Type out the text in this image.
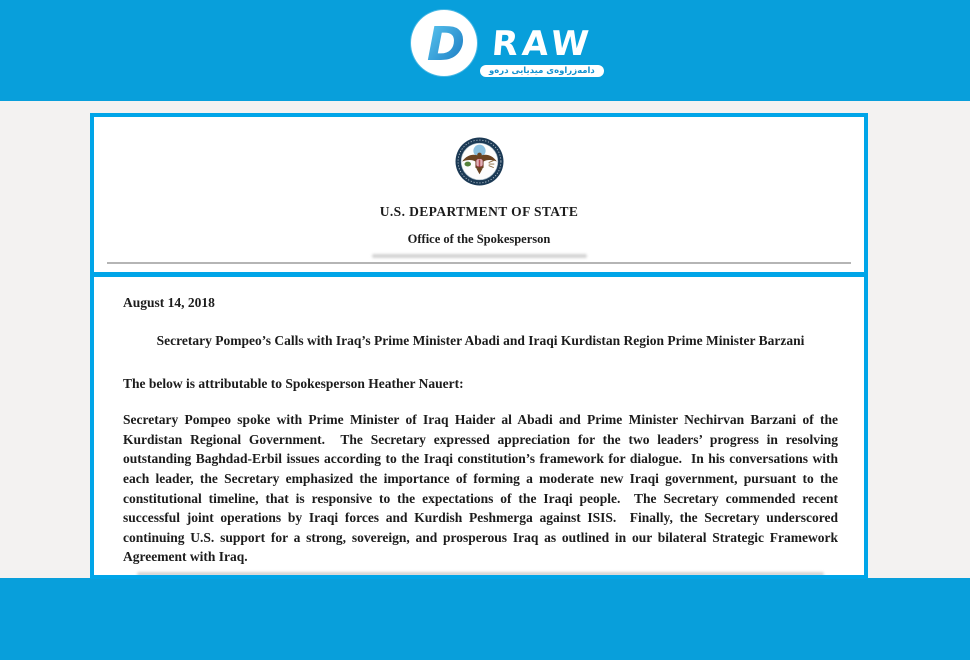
D RAW
دامەزراوەی میدیایی درەو
U.S. DEPARTMENT OF STATE
Office of the Spokesperson

August 14, 2018

Secretary Pompeo’s Calls with Iraq’s Prime Minister Abadi and Iraqi Kurdistan Region Prime Minister Barzani

The below is attributable to Spokesperson Heather Nauert:

Secretary Pompeo spoke with Prime Minister of Iraq Haider al Abadi and Prime Minister Nechirvan Barzani of the Kurdistan Regional Government.  The Secretary expressed appreciation for the two leaders’ progress in resolving outstanding Baghdad-Erbil issues according to the Iraqi constitution’s framework for dialogue.  In his conversations with each leader, the Secretary emphasized the importance of forming a moderate new Iraqi government, pursuant to the constitutional timeline, that is responsive to the expectations of the Iraqi people.  The Secretary commended recent successful joint operations by Iraqi forces and Kurdish Peshmerga against ISIS.  Finally, the Secretary underscored continuing U.S. support for a strong, sovereign, and prosperous Iraq as outlined in our bilateral Strategic Framework Agreement with Iraq.
